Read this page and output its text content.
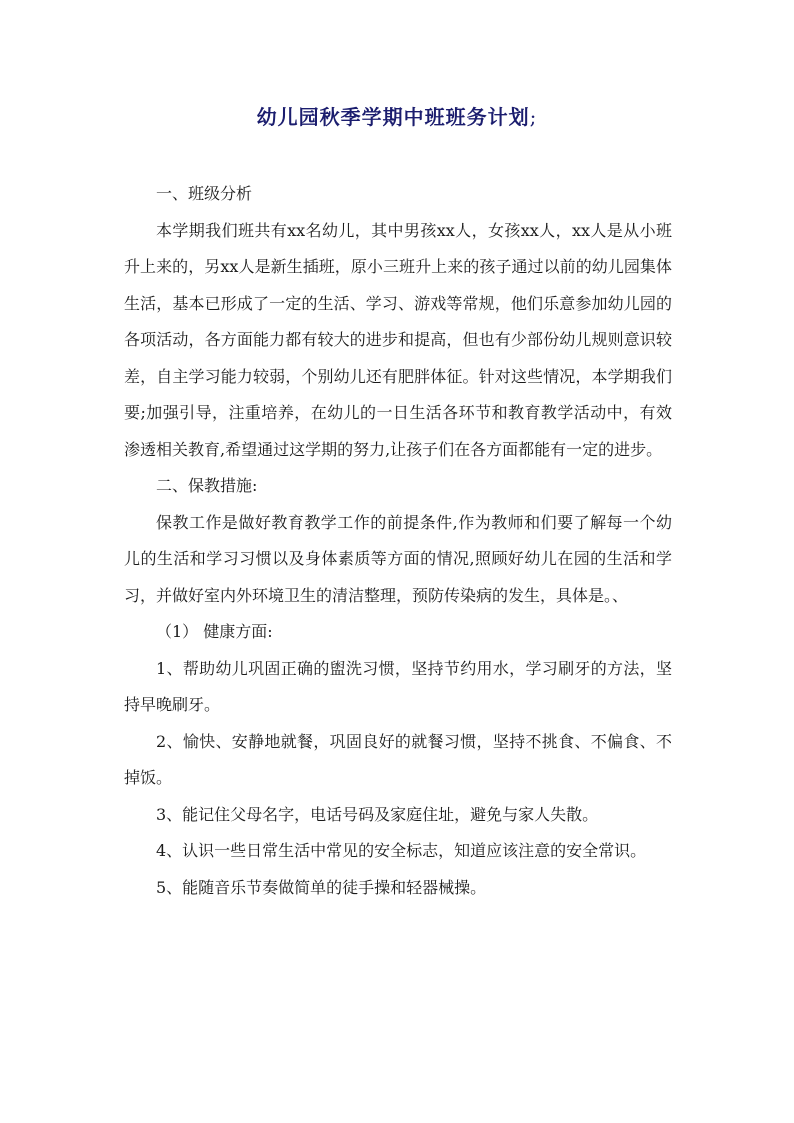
幼儿园秋季学期中班班务计划;

一、班级分析

本学期我们班共有xx名幼儿，其中男孩xx人，女孩xx人，xx人是从小班升上来的，另xx人是新生插班，原小三班升上来的孩子通过以前的幼儿园集体生活，基本已形成了一定的生活、学习、游戏等常规，他们乐意参加幼儿园的各项活动，各方面能力都有较大的进步和提高，但也有少部份幼儿规则意识较差，自主学习能力较弱，个别幼儿还有肥胖体征。针对这些情况，本学期我们要;加强引导，注重培养，在幼儿的一日生活各环节和教育教学活动中，有效渗透相关教育,希望通过这学期的努力,让孩子们在各方面都能有一定的进步。

二、保教措施:

保教工作是做好教育教学工作的前提条件,作为教师和们要了解每一个幼儿的生活和学习习惯以及身体素质等方面的情况,照顾好幼儿在园的生活和学习，并做好室内外环境卫生的清洁整理，预防传染病的发生，具体是。、

（1） 健康方面:

1、帮助幼儿巩固正确的盥洗习惯，坚持节约用水，学习刷牙的方法，坚持早晚刷牙。

2、愉快、安静地就餐，巩固良好的就餐习惯，坚持不挑食、不偏食、不掉饭。

3、能记住父母名字，电话号码及家庭住址，避免与家人失散。

4、认识一些日常生活中常见的安全标志，知道应该注意的安全常识。

5、能随音乐节奏做简单的徒手操和轻器械操。
